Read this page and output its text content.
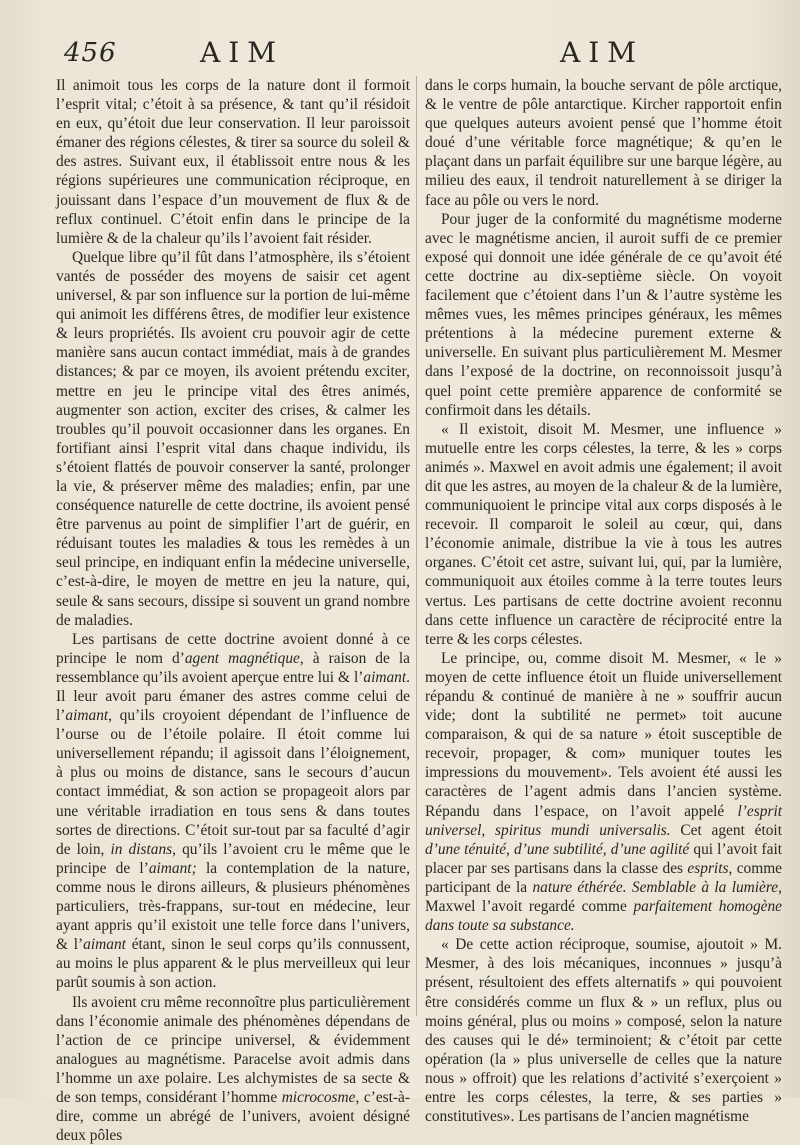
456	AIM	AIM

Il animoit tous les corps de la nature dont il formoit l’esprit vital; c’étoit à sa présence, & tant qu’il résidoit en eux, qu’étoit due leur conservation. Il leur paroissoit émaner des régions célestes, & tirer sa source du soleil & des astres. Suivant eux, il établissoit entre nous & les régions supérieures une communication réciproque, en jouissant dans l’espace d’un mouvement de flux & de reflux continuel. C’étoit enfin dans le principe de la lumière & de la chaleur qu’ils l’avoient fait résider.

Quelque libre qu’il fût dans l’atmosphère, ils s’étoient vantés de posséder des moyens de saisir cet agent universel, & par son influence sur la portion de lui-même qui animoit les différens êtres, de modifier leur existence & leurs propriétés. Ils avoient cru pouvoir agir de cette manière sans aucun contact immédiat, mais à de grandes distances; & par ce moyen, ils avoient prétendu exciter, mettre en jeu le principe vital des êtres animés, augmenter son action, exciter des crises, & calmer les troubles qu’il pouvoit occasionner dans les organes. En fortifiant ainsi l’esprit vital dans chaque individu, ils s’étoient flattés de pouvoir conserver la santé, prolonger la vie, & préserver même des maladies; enfin, par une conséquence naturelle de cette doctrine, ils avoient pensé être parvenus au point de simplifier l’art de guérir, en réduisant toutes les maladies & tous les remèdes à un seul principe, en indiquant enfin la médecine universelle, c’est-à-dire, le moyen de mettre en jeu la nature, qui, seule & sans secours, dissipe si souvent un grand nombre de maladies.

Les partisans de cette doctrine avoient donné à ce principe le nom d’agent magnétique, à raison de la ressemblance qu’ils avoient aperçue entre lui & l’aimant. Il leur avoit paru émaner des astres comme celui de l’aimant, qu’ils croyoient dépendant de l’influence de l’ourse ou de l’étoile polaire. Il étoit comme lui universellement répandu; il agissoit dans l’éloignement, à plus ou moins de distance, sans le secours d’aucun contact immédiat, & son action se propageoit alors par une véritable irradiation en tous sens & dans toutes sortes de directions. C’étoit sur-tout par sa faculté d’agir de loin, in distans, qu’ils l’avoient cru le même que le principe de l’aimant; la contemplation de la nature, comme nous le dirons ailleurs, & plusieurs phénomènes particuliers, très-frappans, sur-tout en médecine, leur ayant appris qu’il existoit une telle force dans l’univers, & l’aimant étant, sinon le seul corps qu’ils connussent, au moins le plus apparent & le plus merveilleux qui leur parût soumis à son action.

Ils avoient cru même reconnoître plus particulièrement dans l’économie animale des phénomènes dépendans de l’action de ce principe universel, & évidemment analogues au magnétisme. Paracelse avoit admis dans l’homme un axe polaire. Les alchymistes de sa secte & de son temps, considérant l’homme microcosme, c’est-à-dire, comme un abrégé de l’univers, avoient désigné deux pôles

dans le corps humain, la bouche servant de pôle arctique, & le ventre de pôle antarctique. Kircher rapportoit enfin que quelques auteurs avoient pensé que l’homme étoit doué d’une véritable force magnétique; & qu’en le plaçant dans un parfait équilibre sur une barque légère, au milieu des eaux, il tendroit naturellement à se diriger la face au pôle ou vers le nord.

Pour juger de la conformité du magnétisme moderne avec le magnétisme ancien, il auroit suffi de ce premier exposé qui donnoit une idée générale de ce qu’avoit été cette doctrine au dix-septième siècle. On voyoit facilement que c’étoient dans l’un & l’autre système les mêmes vues, les mêmes principes généraux, les mêmes prétentions à la médecine purement externe & universelle. En suivant plus particulièrement M. Mesmer dans l’exposé de la doctrine, on reconnoissoit jusqu’à quel point cette première apparence de conformité se confirmoit dans les détails.

« Il existoit, disoit M. Mesmer, une influence » mutuelle entre les corps célestes, la terre, & les » corps animés ». Maxwel en avoit admis une également; il avoit dit que les astres, au moyen de la chaleur & de la lumière, communiquoient le principe vital aux corps disposés à le recevoir. Il comparoit le soleil au cœur, qui, dans l’économie animale, distribue la vie à tous les autres organes. C’étoit cet astre, suivant lui, qui, par la lumière, communiquoit aux étoiles comme à la terre toutes leurs vertus. Les partisans de cette doctrine avoient reconnu dans cette influence un caractère de réciprocité entre la terre & les corps célestes.

Le principe, ou, comme disoit M. Mesmer, « le » moyen de cette influence étoit un fluide universellement répandu & continué de manière à ne » souffrir aucun vide; dont la subtilité ne permet» toit aucune comparaison, & qui de sa nature » étoit susceptible de recevoir, propager, & com» muniquer toutes les impressions du mouvement». Tels avoient été aussi les caractères de l’agent admis dans l’ancien système. Répandu dans l’espace, on l’avoit appelé l’esprit universel, spiritus mundi universalis. Cet agent étoit d’une ténuité, d’une subtilité, d’une agilité qui l’avoit fait placer par ses partisans dans la classe des esprits, comme participant de la nature éthérée. Semblable à la lumière, Maxwel l’avoit regardé comme parfaitement homogène dans toute sa substance.

« De cette action réciproque, soumise, ajoutoit » M. Mesmer, à des lois mécaniques, inconnues » jusqu’à présent, résultoient des effets alternatifs » qui pouvoient être considérés comme un flux & » un reflux, plus ou moins général, plus ou moins » composé, selon la nature des causes qui le dé» terminoient; & c’étoit par cette opération (la » plus universelle de celles que la nature nous » offroit) que les relations d’activité s’exerçoient » entre les corps célestes, la terre, & ses parties » constitutives». Les partisans de l’ancien magnétisme
